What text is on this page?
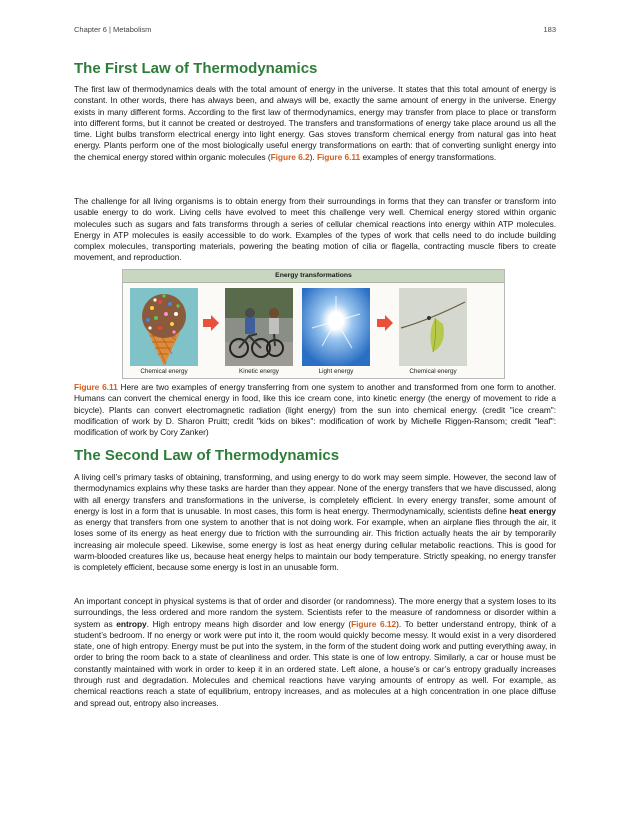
Chapter 6 | Metabolism	183
The First Law of Thermodynamics

The first law of thermodynamics deals with the total amount of energy in the universe. It states that this total amount of energy is constant. In other words, there has always been, and always will be, exactly the same amount of energy in the universe. Energy exists in many different forms. According to the first law of thermodynamics, energy may transfer from place to place or transform into different forms, but it cannot be created or destroyed. The transfers and transformations of energy take place around us all the time. Light bulbs transform electrical energy into light energy. Gas stoves transform chemical energy from natural gas into heat energy. Plants perform one of the most biologically useful energy transformations on earth: that of converting sunlight energy into the chemical energy stored within organic molecules (Figure 6.2). Figure 6.11 examples of energy transformations.

The challenge for all living organisms is to obtain energy from their surroundings in forms that they can transfer or transform into usable energy to do work. Living cells have evolved to meet this challenge very well. Chemical energy stored within organic molecules such as sugars and fats transforms through a series of cellular chemical reactions into energy within ATP molecules. Energy in ATP molecules is easily accessible to do work. Examples of the types of work that cells need to do include building complex molecules, transporting materials, powering the beating motion of cilia or flagella, contracting muscle fibers to create movement, and reproduction.

Energy transformations
Chemical energy	Kinetic energy	Light energy	Chemical energy

Figure 6.11 Here are two examples of energy transferring from one system to another and transformed from one form to another. Humans can convert the chemical energy in food, like this ice cream cone, into kinetic energy (the energy of movement to ride a bicycle). Plants can convert electromagnetic radiation (light energy) from the sun into chemical energy. (credit "ice cream": modification of work by D. Sharon Pruitt; credit "kids on bikes": modification of work by Michelle Riggen-Ransom; credit "leaf": modification of work by Cory Zanker)

The Second Law of Thermodynamics

A living cell’s primary tasks of obtaining, transforming, and using energy to do work may seem simple. However, the second law of thermodynamics explains why these tasks are harder than they appear. None of the energy transfers that we have discussed, along with all energy transfers and transformations in the universe, is completely efficient. In every energy transfer, some amount of energy is lost in a form that is unusable. In most cases, this form is heat energy. Thermodynamically, scientists define heat energy as energy that transfers from one system to another that is not doing work. For example, when an airplane flies through the air, it loses some of its energy as heat energy due to friction with the surrounding air. This friction actually heats the air by temporarily increasing air molecule speed. Likewise, some energy is lost as heat energy during cellular metabolic reactions. This is good for warm-blooded creatures like us, because heat energy helps to maintain our body temperature. Strictly speaking, no energy transfer is completely efficient, because some energy is lost in an unusable form.

An important concept in physical systems is that of order and disorder (or randomness). The more energy that a system loses to its surroundings, the less ordered and more random the system. Scientists refer to the measure of randomness or disorder within a system as entropy. High entropy means high disorder and low energy (Figure 6.12). To better understand entropy, think of a student’s bedroom. If no energy or work were put into it, the room would quickly become messy. It would exist in a very disordered state, one of high entropy. Energy must be put into the system, in the form of the student doing work and putting everything away, in order to bring the room back to a state of cleanliness and order. This state is one of low entropy. Similarly, a car or house must be constantly maintained with work in order to keep it in an ordered state. Left alone, a house’s or car’s entropy gradually increases through rust and degradation. Molecules and chemical reactions have varying amounts of entropy as well. For example, as chemical reactions reach a state of equilibrium, entropy increases, and as molecules at a high concentration in one place diffuse and spread out, entropy also increases.
